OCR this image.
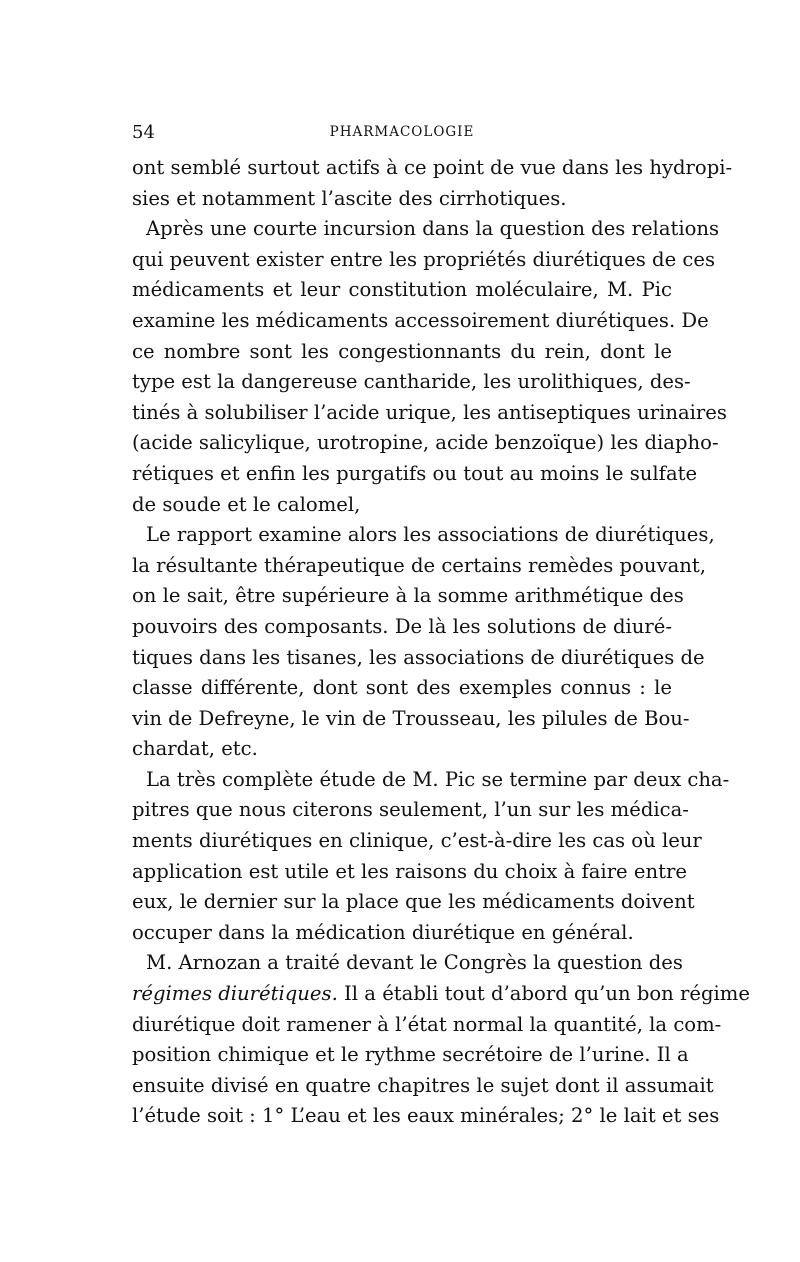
54	PHARMACOLOGIE
ont semblé surtout actifs à ce point de vue dans les hydropi-
sies et notamment l’ascite des cirrhotiques.
Après une courte incursion dans la question des relations
qui peuvent exister entre les propriétés diurétiques de ces
médicaments et leur constitution moléculaire, M. Pic
examine les médicaments accessoirement diurétiques. De
ce nombre sont les congestionnants du rein, dont le
type est la dangereuse cantharide, les urolithiques, des-
tinés à solubiliser l’acide urique, les antiseptiques urinaires
(acide salicylique, urotropine, acide benzoïque) les diapho-
rétiques et enfin les purgatifs ou tout au moins le sulfate
de soude et le calomel,
Le rapport examine alors les associations de diurétiques,
la résultante thérapeutique de certains remèdes pouvant,
on le sait, être supérieure à la somme arithmétique des
pouvoirs des composants. De là les solutions de diuré-
tiques dans les tisanes, les associations de diurétiques de
classe différente, dont sont des exemples connus : le
vin de Defreyne, le vin de Trousseau, les pilules de Bou-
chardat, etc.
La très complète étude de M. Pic se termine par deux cha-
pitres que nous citerons seulement, l’un sur les médica-
ments diurétiques en clinique, c’est-à-dire les cas où leur
application est utile et les raisons du choix à faire entre
eux, le dernier sur la place que les médicaments doivent
occuper dans la médication diurétique en général.
M. Arnozan a traité devant le Congrès la question des
régimes diurétiques. Il a établi tout d’abord qu’un bon régime
diurétique doit ramener à l’état normal la quantité, la com-
position chimique et le rythme secrétoire de l’urine. Il a
ensuite divisé en quatre chapitres le sujet dont il assumait
l’étude soit : 1° L’eau et les eaux minérales; 2° le lait et ses
